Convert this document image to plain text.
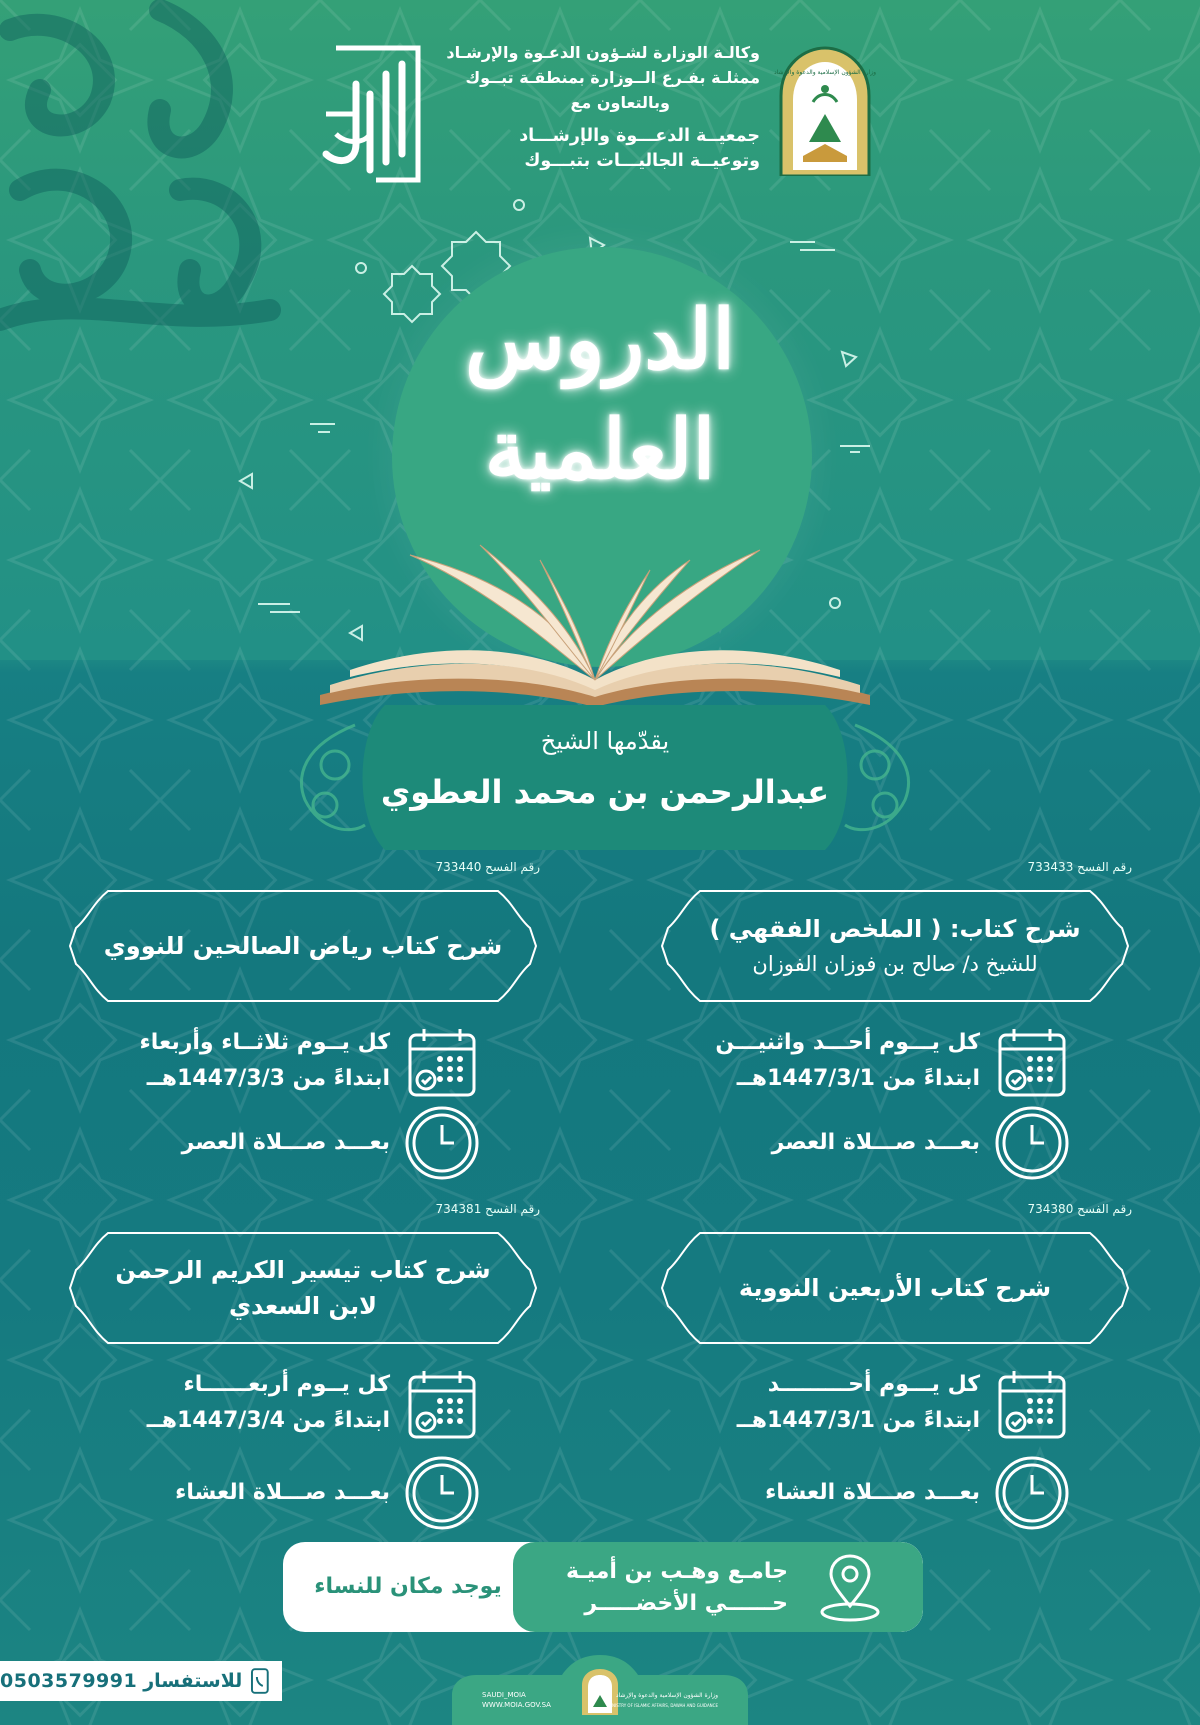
وكالـة الوزارة لشـؤون الدعـوة والإرشـاد
ممثلـة بفـرع الــوزارة بمنطقـة تبــوك
وبالتعاون مع
جمعيــة الدعـــوة والإرشـــاد
وتوعيــة الجاليـــات بتبـــوك
وزارة الشؤون الإسلامية والدعوة والإرشاد
الدروس
العلمية
يقدّمها الشيخ
عبدالرحمن بن محمد العطوي
رقم الفسح 733433
شرح كتاب: ( الملخص الفقهي )
للشيخ د/ صالح بن فوزان الفوزان
كل يـــوم أحـــد واثنيـــن
ابتداءً من 1447/3/1هــ
بعـــد صـــلاة العصر
رقم الفسح 733440
شرح كتاب رياض الصالحين للنووي
كل يــوم ثلاثــاء وأربعاء
ابتداءً من 1447/3/3هــ
بعـــد صـــلاة العصر
رقم الفسح 734380
شرح كتاب الأربعين النووية
كل يـــوم أحـــــــــد
ابتداءً من 1447/3/1هــ
بعـــد صـــلاة العشاء
رقم الفسح 734381
شرح كتاب تيسير الكريم الرحمن
لابن السعدي
كل يــوم أربعــــــاء
ابتداءً من 1447/3/4هــ
بعـــد صـــلاة العشاء
يوجد مكان للنساء
جامـع وهـب بن أميـة
حــــــي الأخضـــــر
0503579991 للاستفسار
SAUDI_MOIA
WWW.MOIA.GOV.SA
وزارة الشؤون الإسلامية والدعوة والإرشاد
MINISTRY OF ISLAMIC AFFAIRS, DAWAH AND GUIDANCE
